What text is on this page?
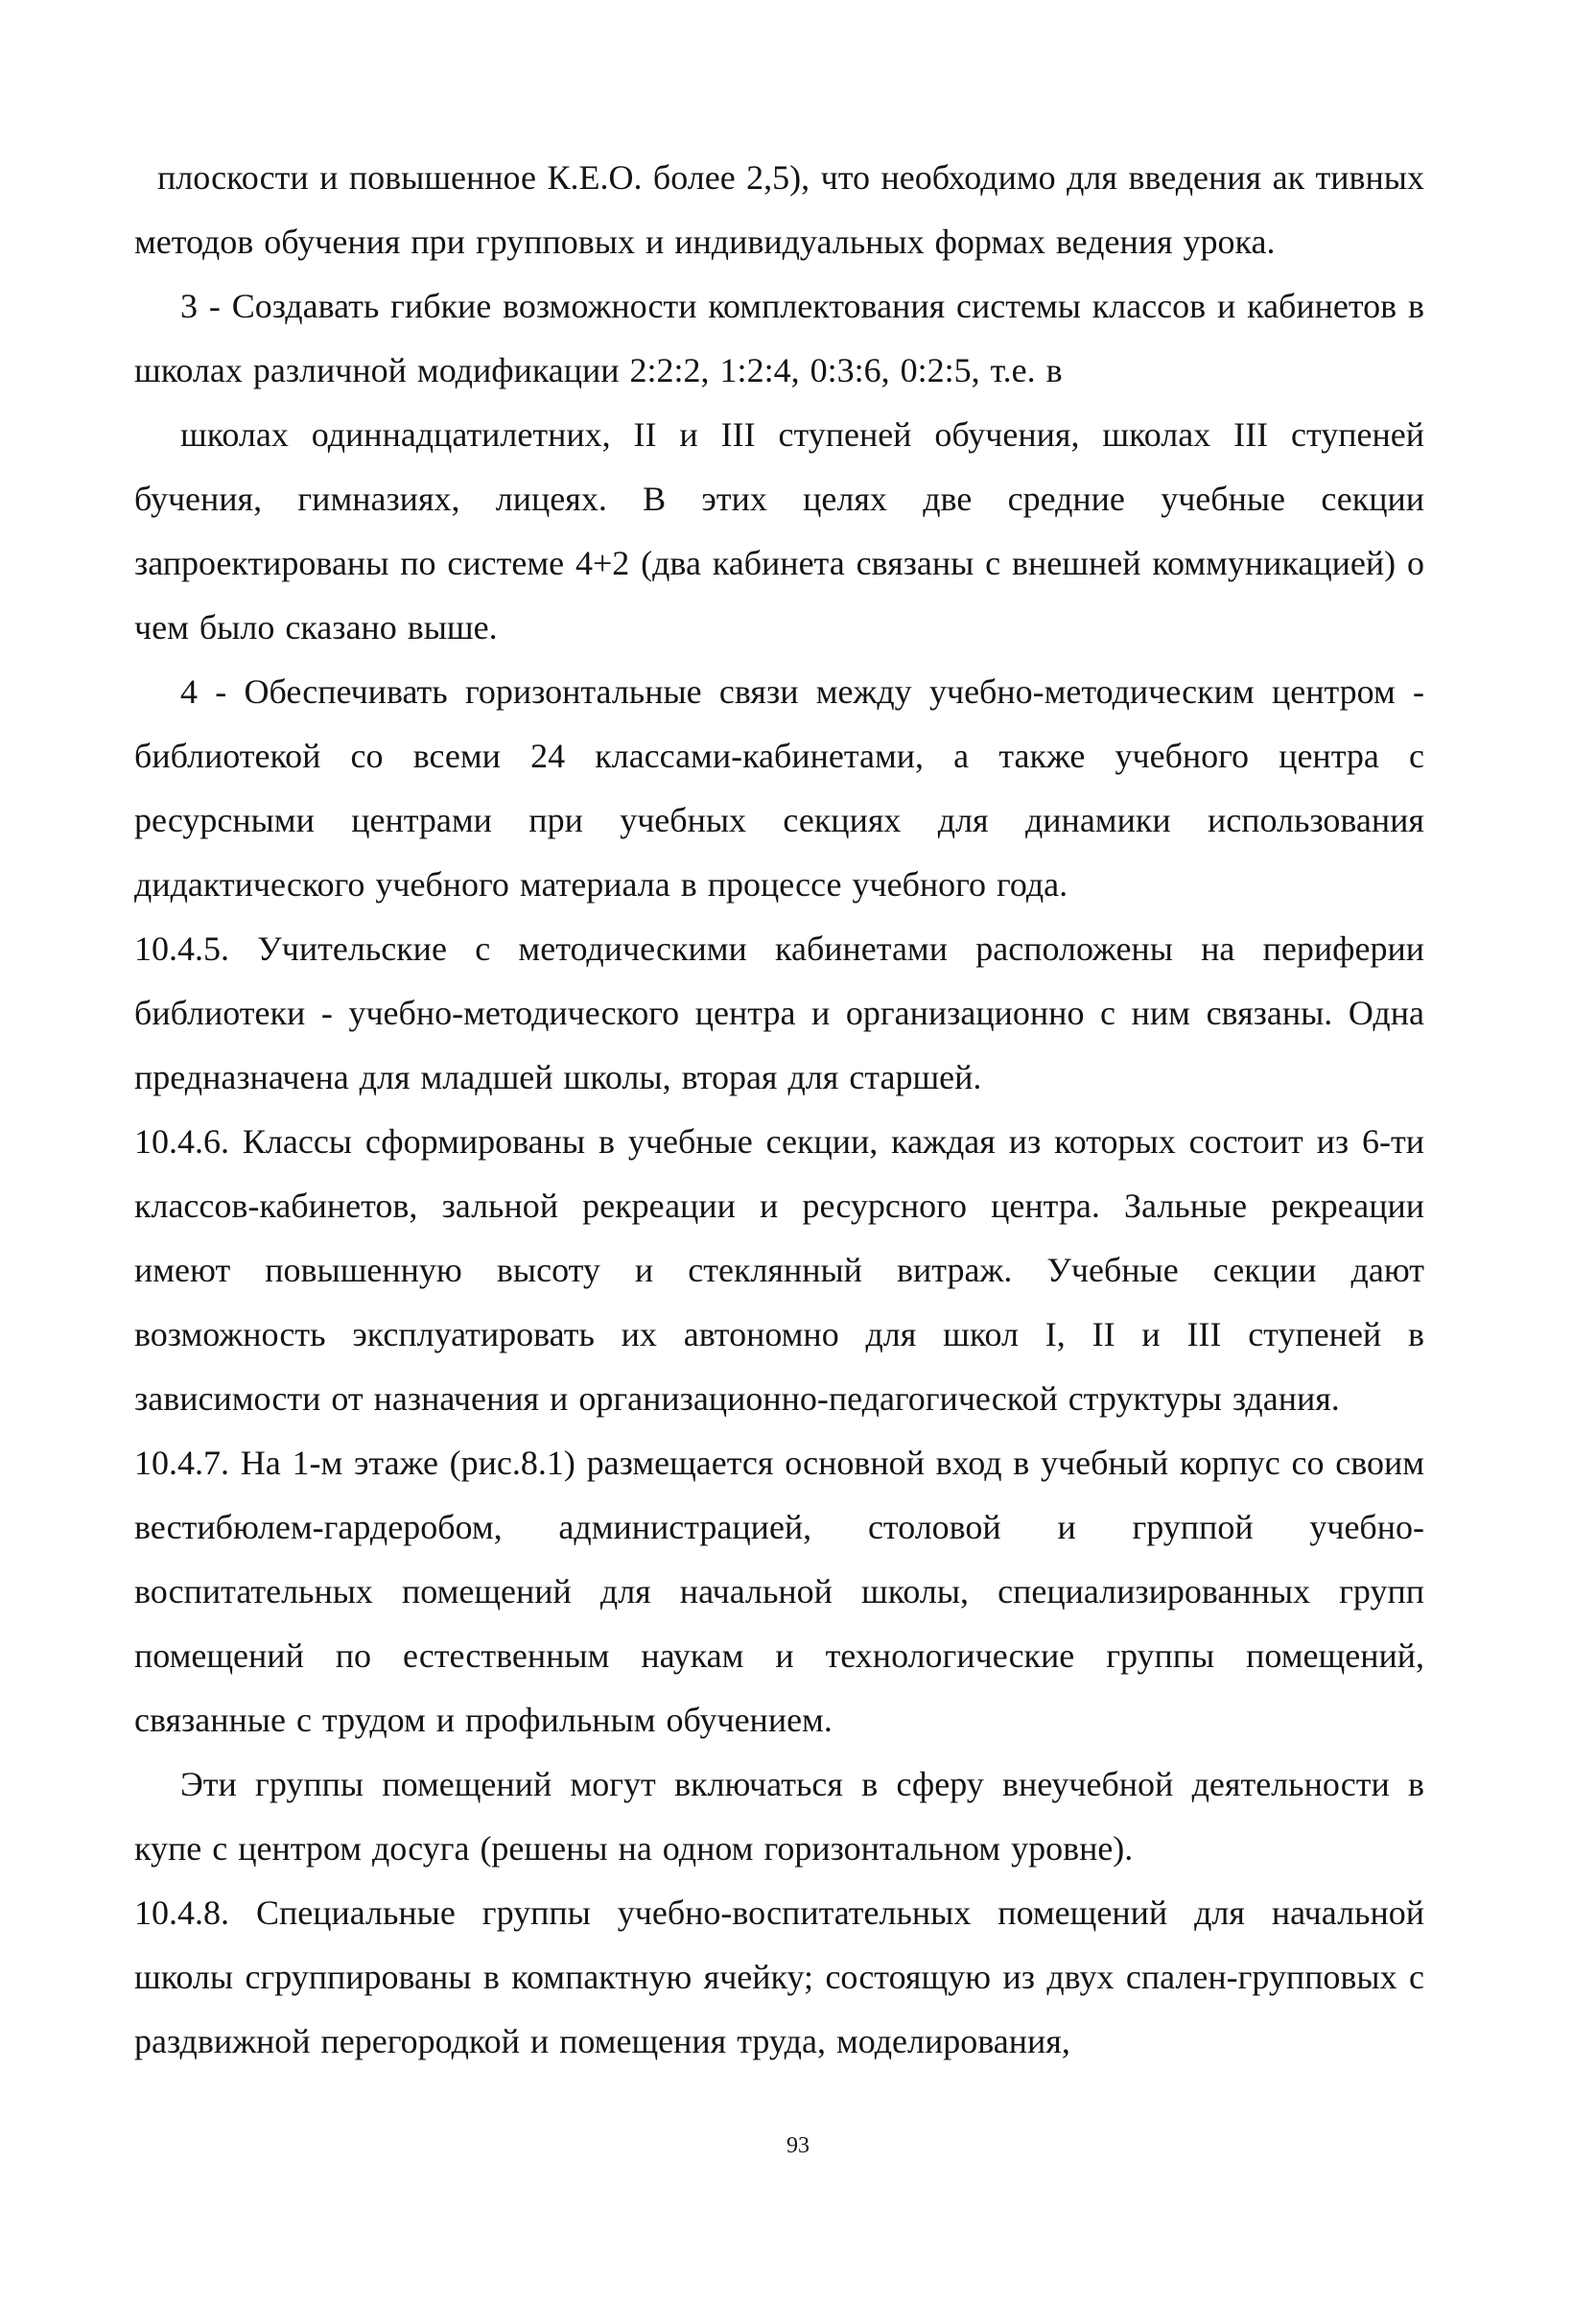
плоскости и повышенное К.Е.О. более 2,5), что необходимо для введения ак тивных методов обучения при групповых и индивидуальных формах ведения урока.

3 - Создавать гибкие возможности комплектования системы классов и кабинетов в школах различной модификации 2:2:2, 1:2:4, 0:3:6, 0:2:5, т.е. в

школах одиннадцатилетних, II и III ступеней обучения, школах III ступеней бучения, гимназиях, лицеях. В этих целях две средние учебные секции запроектированы по системе 4+2 (два кабинета связаны с внешней коммуникацией) о чем было сказано выше.

4 - Обеспечивать горизонтальные связи между учебно-методическим центром - библиотекой со всеми 24 классами-кабинетами, а также учебного центра с ресурсными центрами при учебных секциях для динамики использования дидактического учебного материала в процессе учебного года.

10.4.5. Учительские с методическими кабинетами расположены на периферии библиотеки - учебно-методического центра и организационно с ним связаны. Одна предназначена для младшей школы, вторая для старшей.

10.4.6. Классы сформированы в учебные секции, каждая из которых состоит из 6-ти классов-кабинетов, зальной рекреации и ресурсного центра. Зальные рекреации имеют повышенную высоту и стеклянный витраж. Учебные секции дают возможность эксплуатировать их автономно для школ I, II и III ступеней в зависимости от назначения и организационно-педагогической структуры здания.

10.4.7. На 1-м этаже (рис.8.1) размещается основной вход в учебный корпус со своим вестибюлем-гардеробом, администрацией, столовой и группой учебно-воспитательных помещений для начальной школы, специализированных групп помещений по естественным наукам и технологические группы помещений, связанные с трудом и профильным обучением.

Эти группы помещений могут включаться в сферу внеучебной деятельности в купе с центром досуга (решены на одном горизонтальном уровне).

10.4.8. Специальные группы учебно-воспитательных помещений для начальной школы сгруппированы в компактную ячейку; состоящую из двух спален-групповых с раздвижной перегородкой и помещения труда, моделирования,

93
